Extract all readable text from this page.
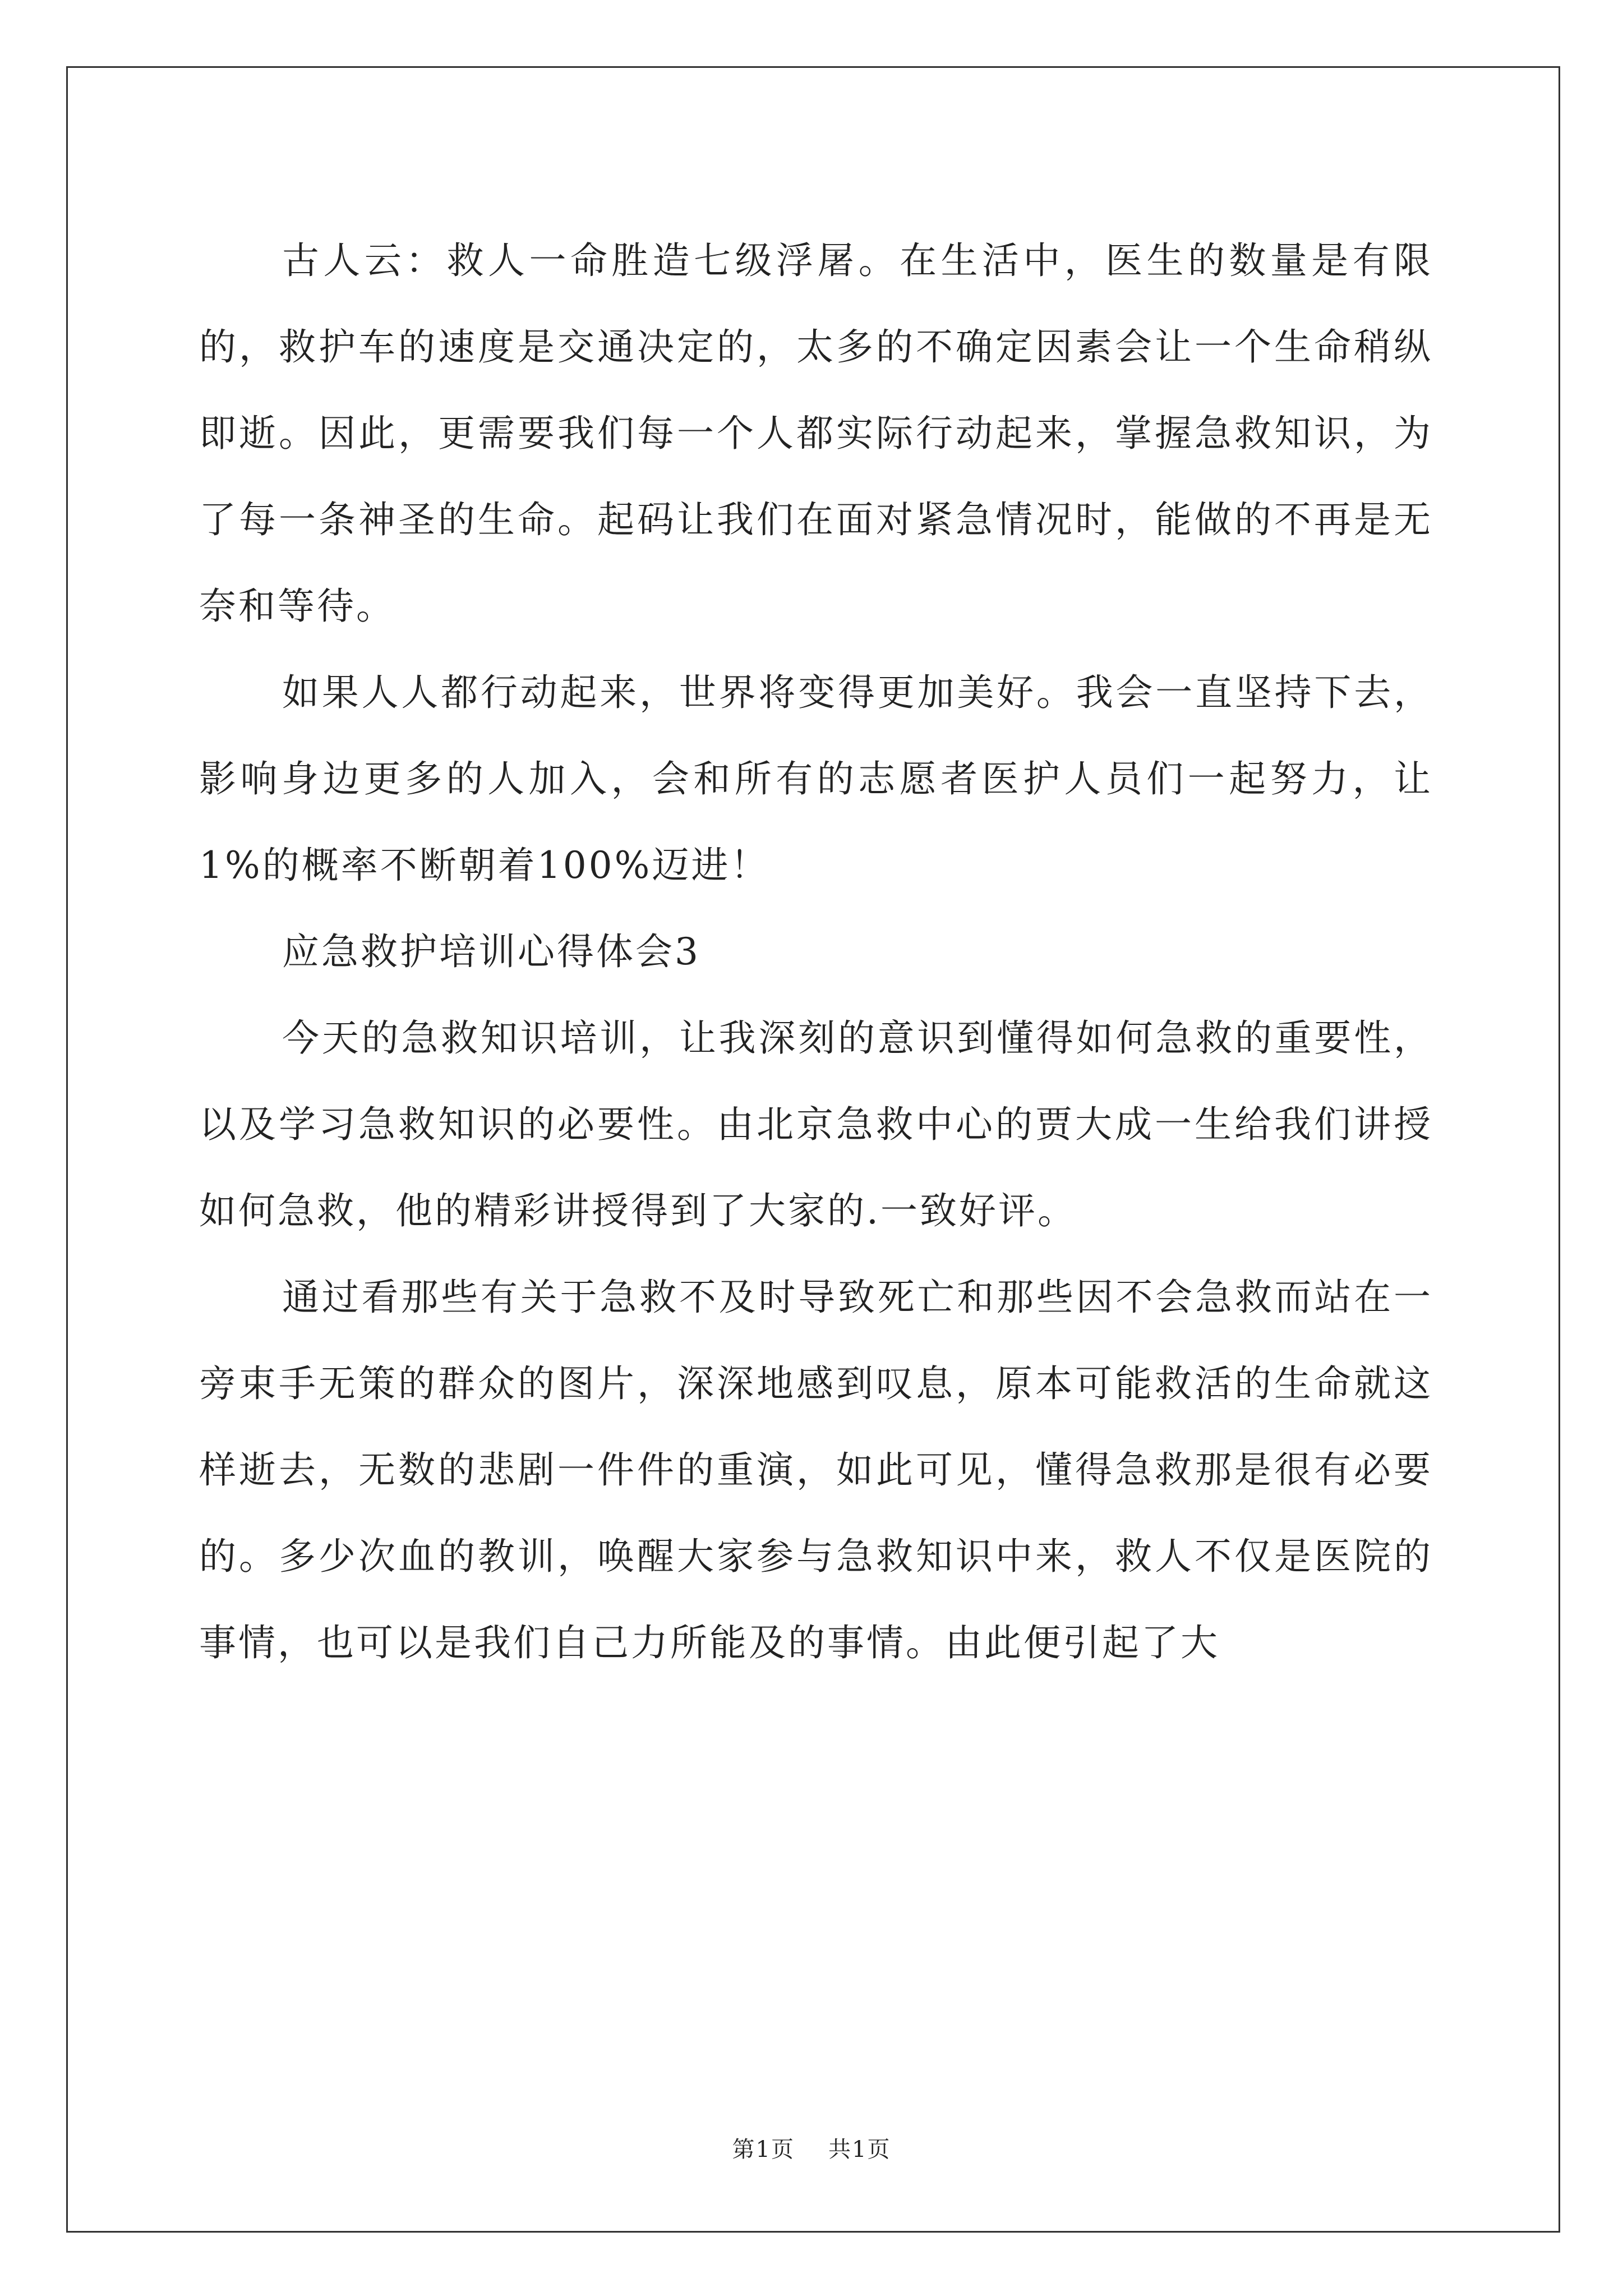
古人云：救人一命胜造七级浮屠。在生活中，医生的数量是有限的，救护车的速度是交通决定的，太多的不确定因素会让一个生命稍纵即逝。因此，更需要我们每一个人都实际行动起来，掌握急救知识，为了每一条神圣的生命。起码让我们在面对紧急情况时，能做的不再是无奈和等待。

如果人人都行动起来，世界将变得更加美好。我会一直坚持下去，影响身边更多的人加入，会和所有的志愿者医护人员们一起努力，让1%的概率不断朝着100%迈进！

应急救护培训心得体会3

今天的急救知识培训，让我深刻的意识到懂得如何急救的重要性，以及学习急救知识的必要性。由北京急救中心的贾大成一生给我们讲授如何急救，他的精彩讲授得到了大家的.一致好评。

通过看那些有关于急救不及时导致死亡和那些因不会急救而站在一旁束手无策的群众的图片，深深地感到叹息，原本可能救活的生命就这样逝去，无数的悲剧一件件的重演，如此可见，懂得急救那是很有必要的。多少次血的教训，唤醒大家参与急救知识中来，救人不仅是医院的事情，也可以是我们自己力所能及的事情。由此便引起了大

第1页 共1页
